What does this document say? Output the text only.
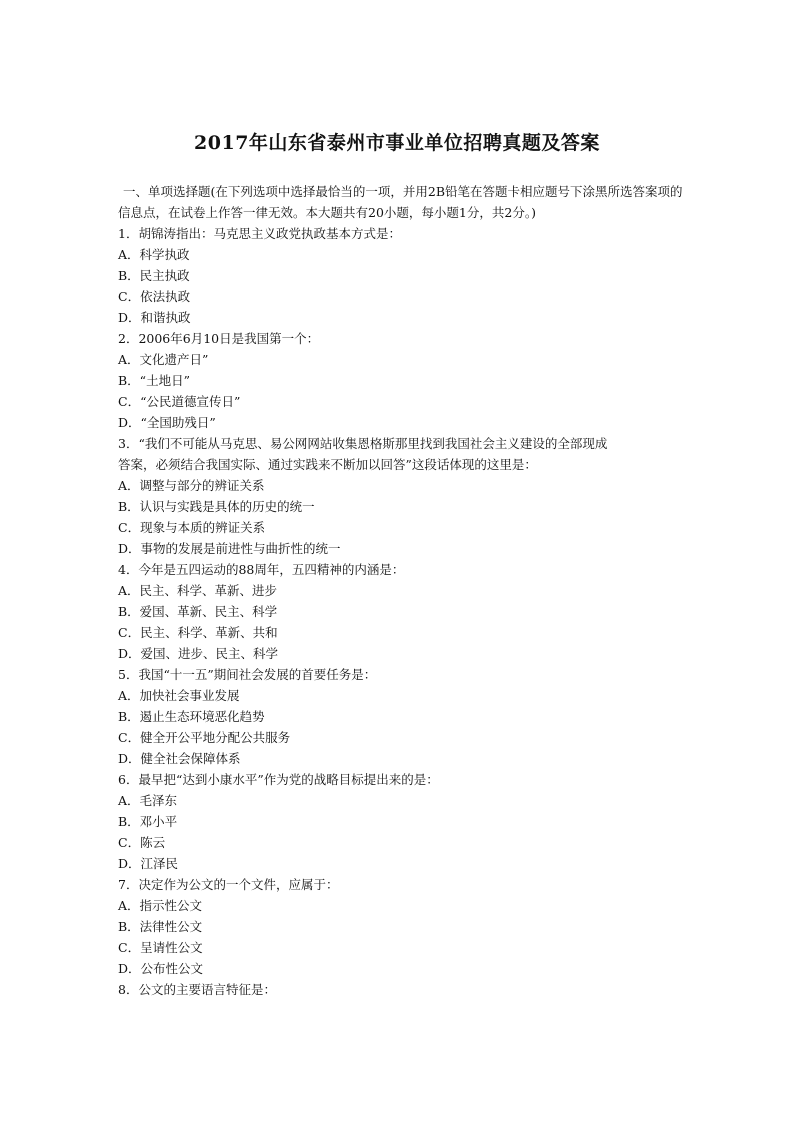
2017年山东省泰州市事业单位招聘真题及答案

一、单项选择题(在下列选项中选择最恰当的一项，并用2B铅笔在答题卡相应题号下涂黑所选答案项的信息点，在试卷上作答一律无效。本大题共有20小题，每小题1分，共2分。)

1．胡锦涛指出：马克思主义政党执政基本方式是：

A．科学执政

B．民主执政

C．依法执政

D．和谐执政

2．2006年6月10日是我国第一个：

A．文化遗产日”

B．“土地日”

C．“公民道德宣传日”

D．“全国助残日”

3．“我们不可能从马克思、易公网网站收集恩格斯那里找到我国社会主义建设的全部现成

答案，必须结合我国实际、通过实践来不断加以回答”这段话体现的这里是：

A．调整与部分的辨证关系

B．认识与实践是具体的历史的统一

C．现象与本质的辨证关系

D．事物的发展是前进性与曲折性的统一

4．今年是五四运动的88周年，五四精神的内涵是：

A．民主、科学、革新、进步

B．爱国、革新、民主、科学

C．民主、科学、革新、共和

D．爱国、进步、民主、科学

5．我国“十一五”期间社会发展的首要任务是：

A．加快社会事业发展

B．遏止生态环境恶化趋势

C．健全开公平地分配公共服务

D．健全社会保障体系

6．最早把“达到小康水平”作为党的战略目标提出来的是：

A．毛泽东

B．邓小平

C．陈云

D．江泽民

7．决定作为公文的一个文件，应属于：

A．指示性公文

B．法律性公文

C．呈请性公文

D．公布性公文

8．公文的主要语言特征是：
